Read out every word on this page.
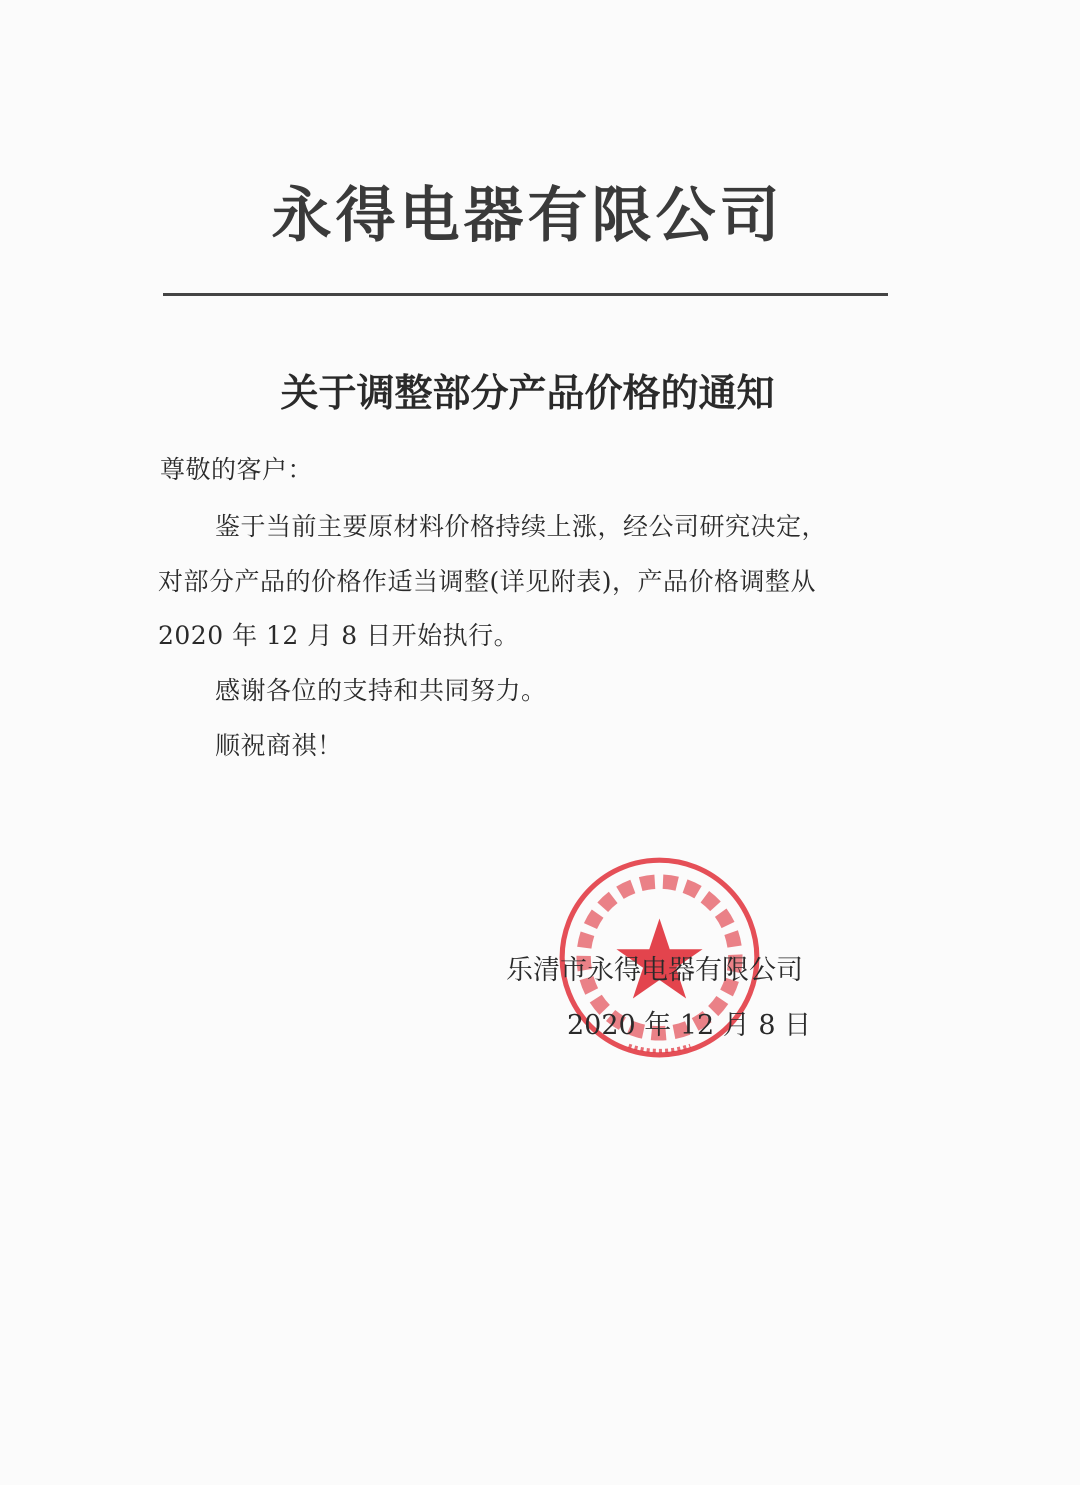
永得电器有限公司
关于调整部分产品价格的通知
尊敬的客户：
鉴于当前主要原材料价格持续上涨，经公司研究决定，
对部分产品的价格作适当调整(详见附表)，产品价格调整从
2020 年 12 月 8 日开始执行。
感谢各位的支持和共同努力。
顺祝商祺！
乐清市永得电器有限公司
2020 年 12 月 8 日
